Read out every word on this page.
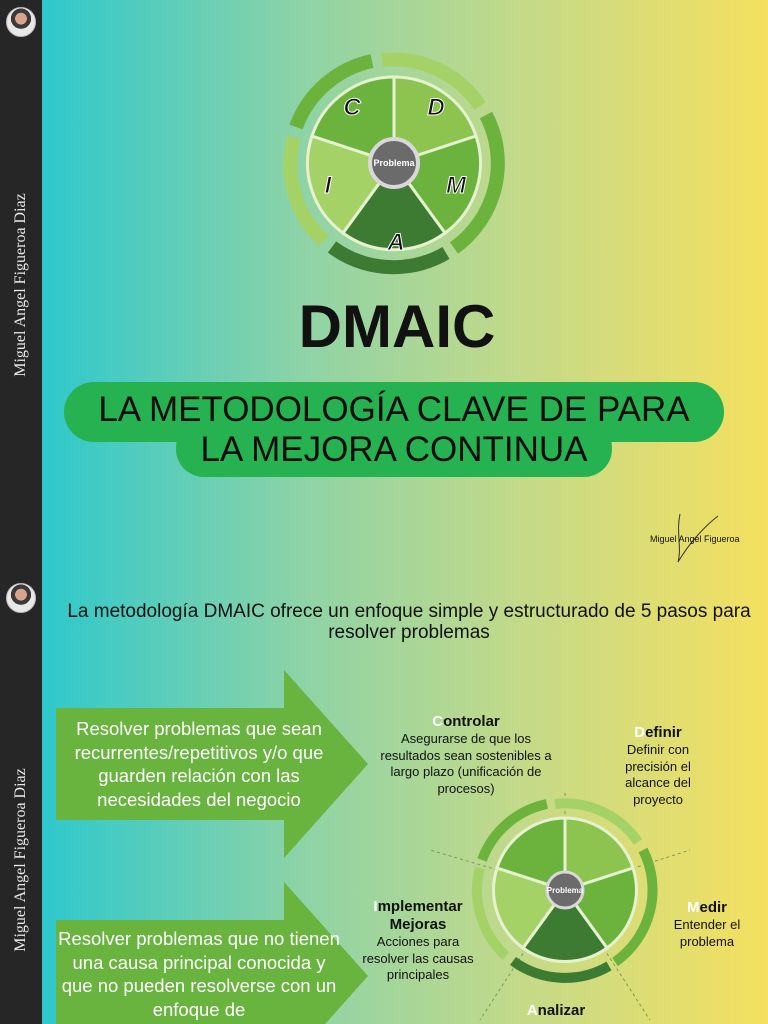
Miguel Angel Figueroa Diaz
Problema
C	D
M
A
I
DMAIC
LA METODOLOGÍA CLAVE DE PARA
LA MEJORA CONTINUA
Miguel Angel Figueroa
Miguel Angel Figueroa Diaz

La metodología DMAIC ofrece un enfoque simple y estructurado de 5 pasos para resolver problemas

Resolver problemas que sean recurrentes/repetitivos y/o que guarden relación con las necesidades del negocio
Resolver problemas que no tienen una causa principal conocida y que no pueden resolverse con un enfoque de
Problema
Controlar
Asegurarse de que los resultados sean sostenibles a largo plazo (unificación de procesos)
Definir
Definir con precisión el alcance del proyecto
Medir
Entender el problema
Implementar Mejoras
Acciones para resolver las causas principales
Analizar
